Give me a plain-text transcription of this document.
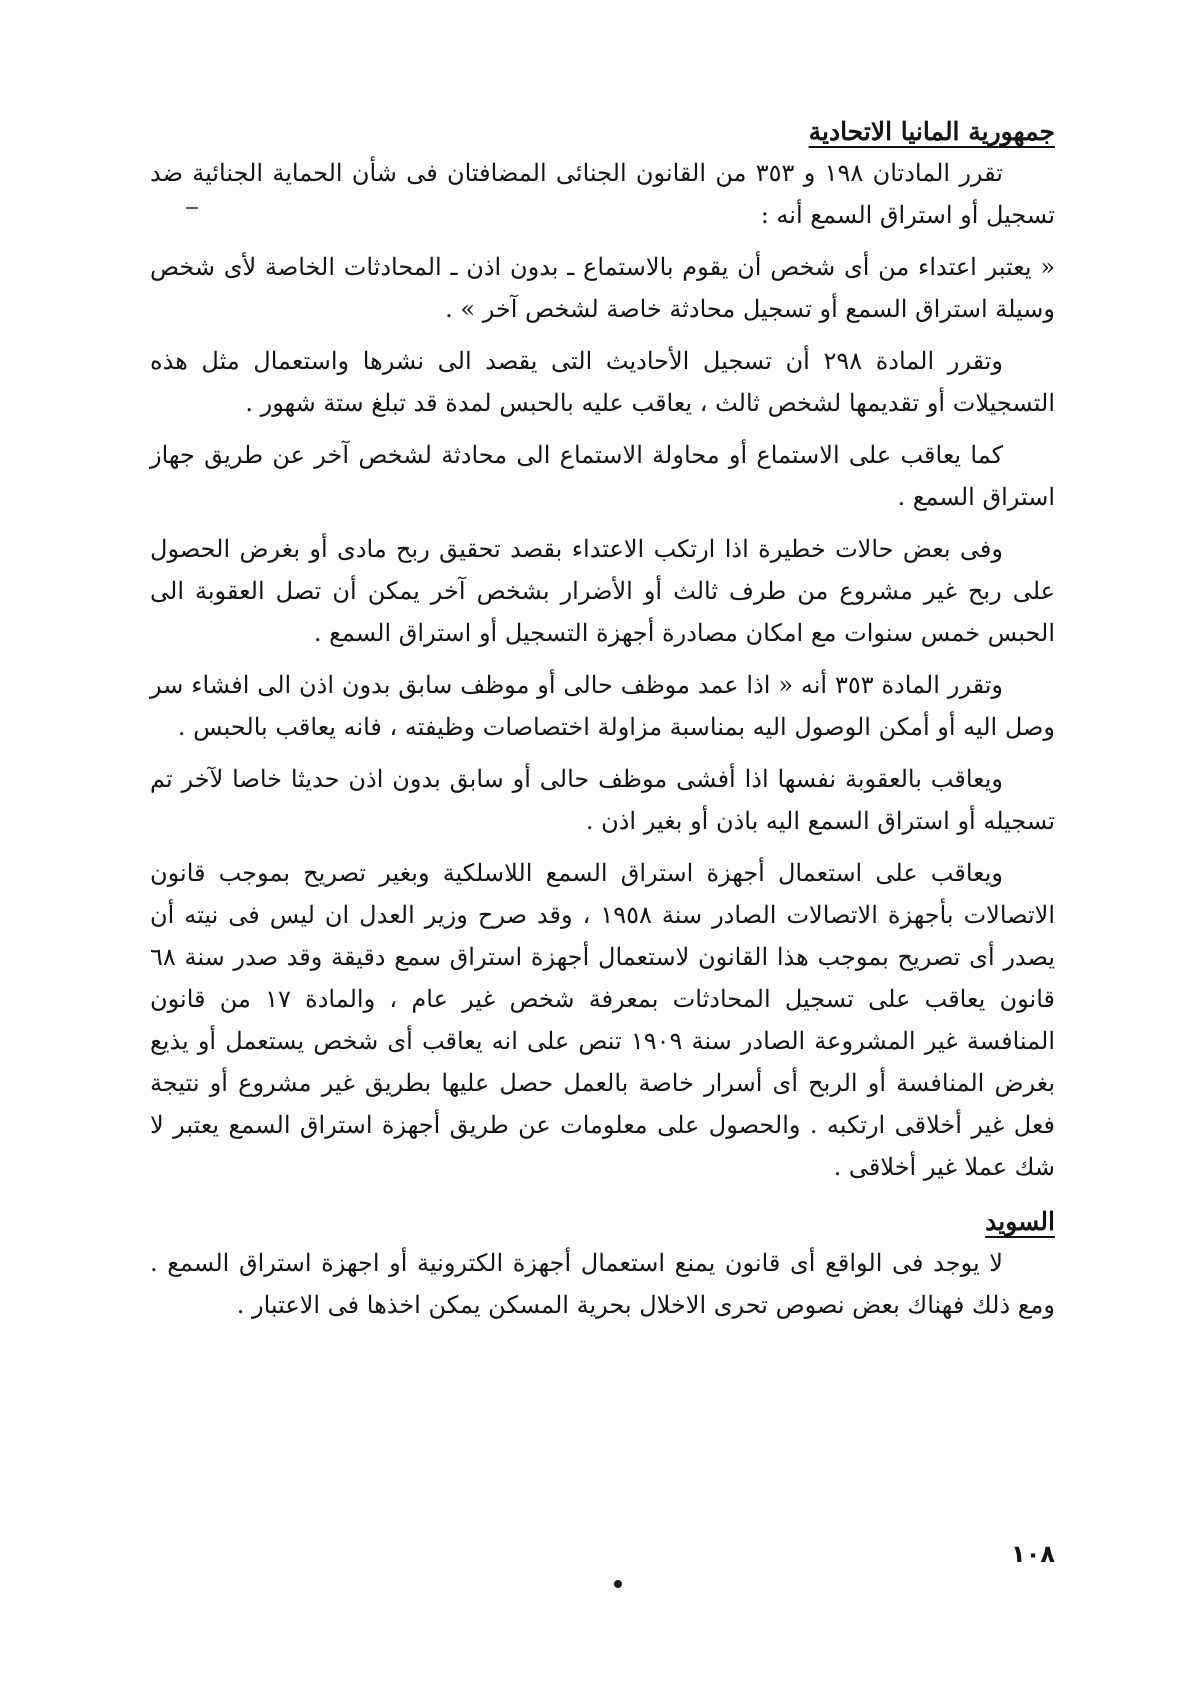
جمهورية المانيا الاتحادية

تقرر المادتان ١٩٨ و ٣٥٣ من القانون الجنائى المضافتان فى شأن الحماية الجنائية ضد تسجيل أو استراق السمع أنه :

« يعتبر اعتداء من أى شخص أن يقوم بالاستماع ـ بدون اذن ـ المحادثات الخاصة لأى شخص وسيلة استراق السمع أو تسجيل محادثة خاصة لشخص آخر » .

وتقرر المادة ٢٩٨ أن تسجيل الأحاديث التى يقصد الى نشرها واستعمال مثل هذه التسجيلات أو تقديمها لشخص ثالث ، يعاقب عليه بالحبس لمدة قد تبلغ ستة شهور .

كما يعاقب على الاستماع أو محاولة الاستماع الى محادثة لشخص آخر عن طريق جهاز استراق السمع .

وفى بعض حالات خطيرة اذا ارتكب الاعتداء بقصد تحقيق ربح مادى أو بغرض الحصول على ربح غير مشروع من طرف ثالث أو الأضرار بشخص آخر يمكن أن تصل العقوبة الى الحبس خمس سنوات مع امكان مصادرة أجهزة التسجيل أو استراق السمع .

وتقرر المادة ٣٥٣ أنه « اذا عمد موظف حالى أو موظف سابق بدون اذن الى افشاء سر وصل اليه أو أمكن الوصول اليه بمناسبة مزاولة اختصاصات وظيفته ، فانه يعاقب بالحبس .

ويعاقب بالعقوبة نفسها اذا أفشى موظف حالى أو سابق بدون اذن حديثا خاصا لآخر تم تسجيله أو استراق السمع اليه باذن أو بغير اذن .

ويعاقب على استعمال أجهزة استراق السمع اللاسلكية وبغير تصريح بموجب قانون الاتصالات بأجهزة الاتصالات الصادر سنة ١٩٥٨ ، وقد صرح وزير العدل ان ليس فى نيته أن يصدر أى تصريح بموجب هذا القانون لاستعمال أجهزة استراق سمع دقيقة وقد صدر سنة ٦٨ قانون يعاقب على تسجيل المحادثات بمعرفة شخص غير عام ، والمادة ١٧ من قانون المنافسة غير المشروعة الصادر سنة ١٩٠٩ تنص على انه يعاقب أى شخص يستعمل أو يذيع بغرض المنافسة أو الربح أى أسرار خاصة بالعمل حصل عليها بطريق غير مشروع أو نتيجة فعل غير أخلاقى ارتكبه . والحصول على معلومات عن طريق أجهزة استراق السمع يعتبر لا شك عملا غير أخلاقى .

السويد

لا يوجد فى الواقع أى قانون يمنع استعمال أجهزة الكترونية أو اجهزة استراق السمع . ومع ذلك فهناك بعض نصوص تحرى الاخلال بحرية المسكن يمكن اخذها فى الاعتبار .

١٠٨
